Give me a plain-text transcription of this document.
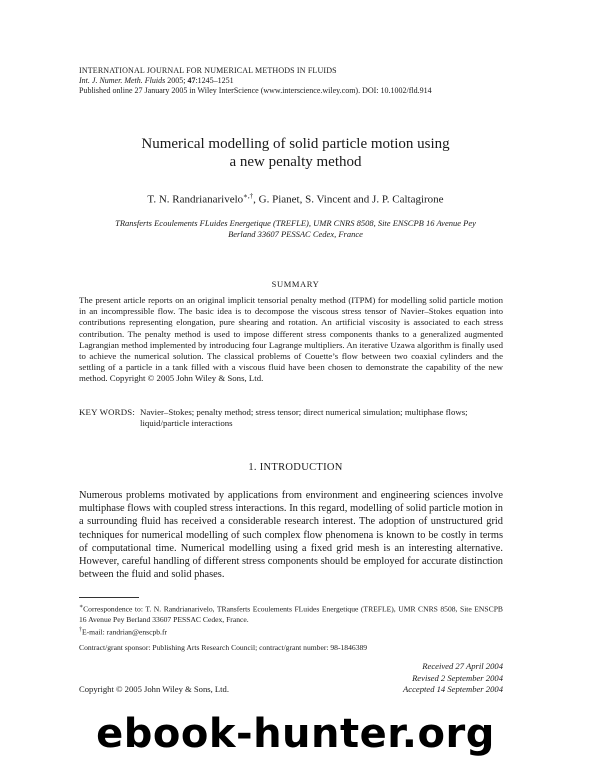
INTERNATIONAL JOURNAL FOR NUMERICAL METHODS IN FLUIDS
Int. J. Numer. Meth. Fluids 2005; 47:1245–1251
Published online 27 January 2005 in Wiley InterScience (www.interscience.wiley.com). DOI: 10.1002/fld.914
Numerical modelling of solid particle motion using
a new penalty method
T. N. Randrianarivelo∗,†, G. Pianet, S. Vincent and J. P. Caltagirone
TRansferts Ecoulements FLuides Energetique (TREFLE), UMR CNRS 8508, Site ENSCPB 16 Avenue Pey
Berland 33607 PESSAC Cedex, France
SUMMARY
The present article reports on an original implicit tensorial penalty method (ITPM) for modelling solid particle motion in an incompressible flow. The basic idea is to decompose the viscous stress tensor of Navier–Stokes equation into contributions representing elongation, pure shearing and rotation. An artificial viscosity is associated to each stress contribution. The penalty method is used to impose different stress components thanks to a generalized augmented Lagrangian method implemented by introducing four Lagrange multipliers. An iterative Uzawa algorithm is finally used to achieve the numerical solution. The classical problems of Couette’s flow between two coaxial cylinders and the settling of a particle in a tank filled with a viscous fluid have been chosen to demonstrate the capability of the new method. Copyright © 2005 John Wiley & Sons, Ltd.
KEY WORDS: Navier–Stokes; penalty method; stress tensor; direct numerical simulation; multiphase flows; liquid/particle interactions
1. INTRODUCTION
Numerous problems motivated by applications from environment and engineering sciences involve multiphase flows with coupled stress interactions. In this regard, modelling of solid particle motion in a surrounding fluid has received a considerable research interest. The adoption of unstructured grid techniques for numerical modelling of such complex flow phenomena is known to be costly in terms of computational time. Numerical modelling using a fixed grid mesh is an interesting alternative. However, careful handling of different stress components should be employed for accurate distinction between the fluid and solid phases.
∗Correspondence to: T. N. Randrianarivelo, TRansferts Ecoulements FLuides Energetique (TREFLE), UMR CNRS 8508, Site ENSCPB 16 Avenue Pey Berland 33607 PESSAC Cedex, France.
†E-mail: randrian@enscpb.fr
Contract/grant sponsor: Publishing Arts Research Council; contract/grant number: 98-1846389
Received 27 April 2004
Revised 2 September 2004
Accepted 14 September 2004
Copyright © 2005 John Wiley & Sons, Ltd.
ebook-hunter.org
